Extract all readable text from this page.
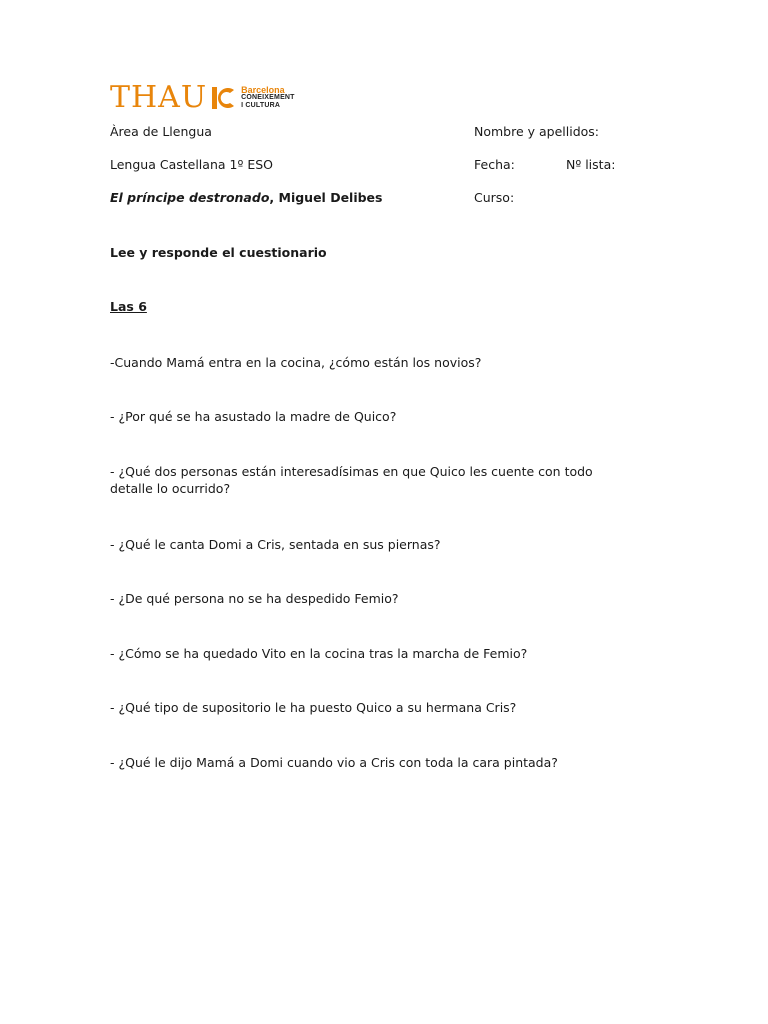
THAU	Barcelona
CONEIXEMENT
I CULTURA
Àrea de Llengua
Lengua Castellana 1º ESO
El príncipe destronado, Miguel Delibes
Nombre y apellidos:
Fecha:	Nº lista:
Curso:
Lee y responde el cuestionario
Las 6
-Cuando Mamá entra en la cocina, ¿cómo están los novios?
- ¿Por qué se ha asustado la madre de Quico?
- ¿Qué dos personas están interesadísimas en que Quico les cuente con todo detalle lo ocurrido?
- ¿Qué le canta Domi a Cris, sentada en sus piernas?
- ¿De qué persona no se ha despedido Femio?
- ¿Cómo se ha quedado Vito en la cocina tras la marcha de Femio?
- ¿Qué tipo de supositorio le ha puesto Quico a su hermana Cris?
- ¿Qué le dijo Mamá a Domi cuando vio a Cris con toda la cara pintada?
